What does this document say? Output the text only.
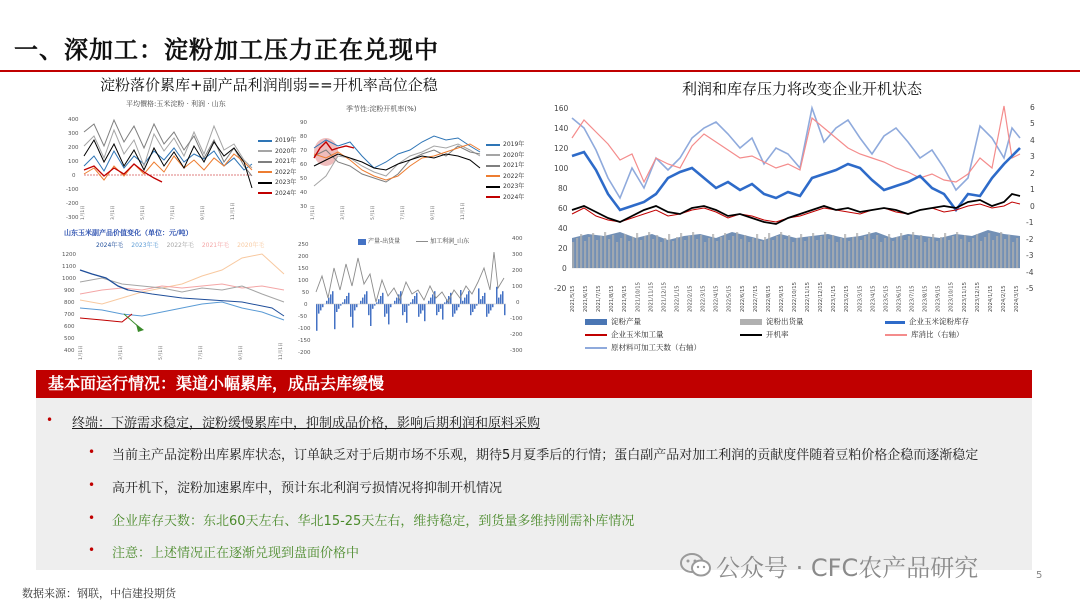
一、深加工：淀粉加工压力正在兑现中
淀粉落价累库+副产品利润削弱==开机率高位企稳	利润和库存压力将改变企业开机状态
平均價格:玉米淀粉 · 利润 · 山东
400
300
200
100
0
-100
-200
-300 1月1日	3月1日	5月1日	7月1日	9月1日	11月1日
2019年
2020年
2021年
2022年
2023年
2024年
季节性:淀粉开机率(%)
90
80
70
60
50
40
30 1月1日	3月1日	5月1日	7月1日	9月1日	11月1日
2019年
2020年
2021年
2022年
2023年
2024年
山东玉米副产品价值变化（单位：元/吨）
2024年毛 2023年毛 2022年毛 2021年毛 2020年毛
1200
1100
1000
900
800
700
600
500
400	1月1日	3月1日	5月1日	7月1日	9月1日	11月1日
产量-出货量	加工利润_山东
250
200
150
100
50
0
-50
-100
-150
-200
400
300
200
100
0
-100
-200
-300
160
140
120
100
80
60
40
20
0
-20
6
5
4
3
2
1
0
-1
-2
-3
-4
-5
2021/5/15 2021/6/15 2021/7/15 2021/8/15 2021/9/15 2021/10/15 2021/11/15 2021/12/15 2022/1/15 2022/2/15 2022/3/15 2022/4/15 2022/5/15 2022/6/15 2022/7/15 2022/8/15 2022/9/15 2022/10/15 2022/11/15 2022/12/15 2023/1/15 2023/2/15 2023/3/15 2023/4/15 2023/5/15 2023/6/15 2023/7/15 2023/8/15 2023/9/15 2023/10/15 2023/11/15 2023/12/15 2024/1/15 2024/2/15 2024/3/15
淀粉产量	淀粉出货量	企业玉米淀粉库存
企业玉米加工量	开机率	库消比（右轴）
原材料可加工天数（右轴）
基本面运行情况：渠道小幅累库，成品去库缓慢
• 终端：下游需求稳定，淀粉缓慢累库中，抑制成品价格，影响后期利润和原料采购
• 当前主产品淀粉出库累库状态，订单缺乏对于后期市场不乐观，期待5月夏季后的行情；蛋白副产品对加工利润的贡献度伴随着豆粕价格企稳而逐渐稳定
• 高开机下，淀粉加速累库中，预计东北利润亏损情况将抑制开机情况
• 企业库存天数：东北60天左右、华北15-25天左右，维持稳定，到货量多维持刚需补库情况
• 注意：上述情况正在逐渐兑现到盘面价格中
数据来源：钢联，中信建投期货
公众号 · CFC农产品研究	5
